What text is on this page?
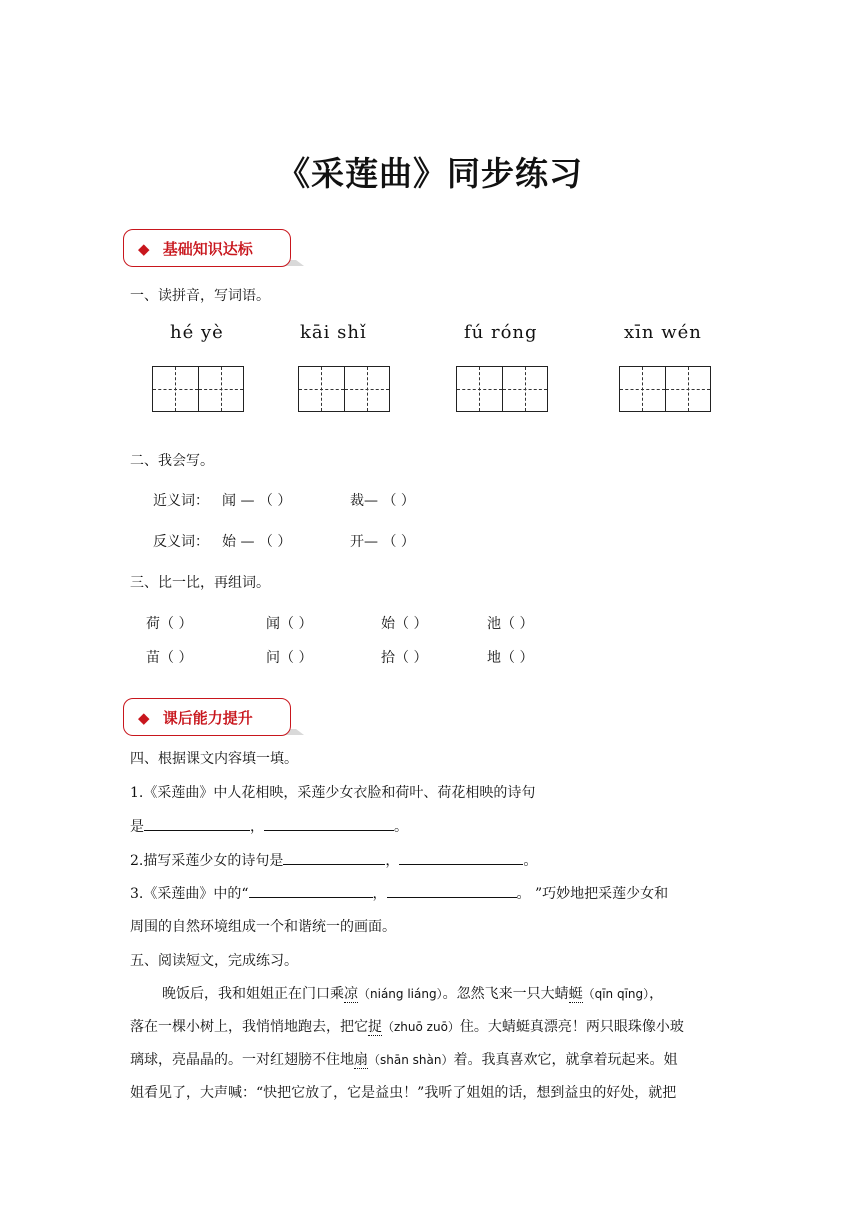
《采莲曲》同步练习
◆ 基础知识达标
一、读拼音，写词语。
hé yè	kāi shǐ	fú róng	xīn wén
二、我会写。
近义词： 闻 — （ ）	裁— （ ）
反义词： 始 — （ ）	开— （ ）
三、比一比，再组词。
荷（ ）	闻（ ）	始（ ）	池（ ）
苗（ ）	问（ ）	拾（ ）	地（ ）
◆ 课后能力提升
四、根据课文内容填一填。
1.《采莲曲》中人花相映，采莲少女衣脸和荷叶、荷花相映的诗句
是	，	。
2.描写采莲少女的诗句是	，	。
3.《采莲曲》中的“	，	。 ”巧妙地把采莲少女和
周围的自然环境组成一个和谐统一的画面。
五、阅读短文，完成练习。
晚饭后，我和姐姐正在门口乘凉（niáng liáng）。忽然飞来一只大蜻蜓（qīn qīng），
落在一棵小树上，我悄悄地跑去，把它捉（zhuō zuō）住。大蜻蜓真漂亮！两只眼珠像小玻
璃球，亮晶晶的。一对红翅膀不住地扇（shān shàn）着。我真喜欢它，就拿着玩起来。姐
姐看见了，大声喊：“快把它放了，它是益虫！”我听了姐姐的话，想到益虫的好处，就把
